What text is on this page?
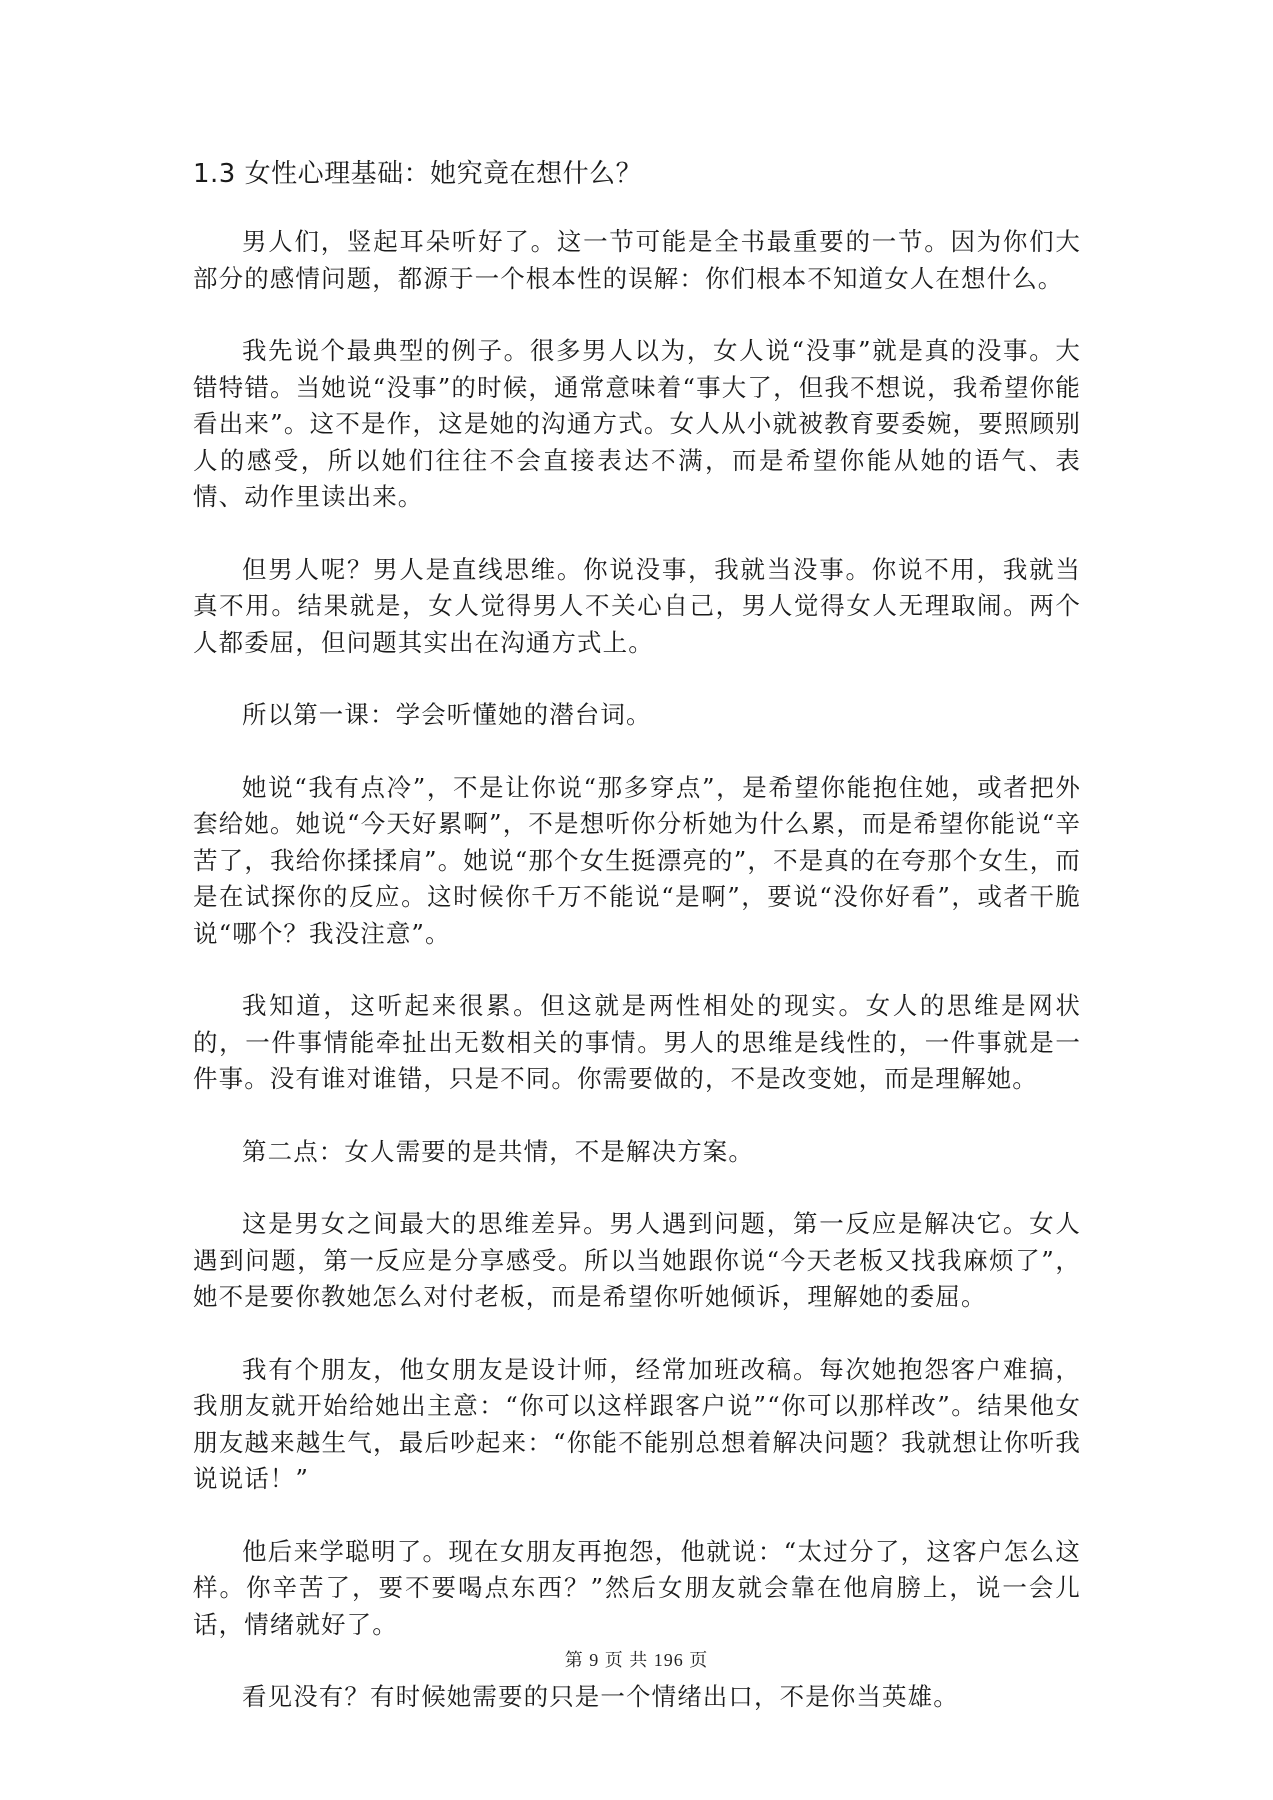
1.3 女性心理基础：她究竟在想什么？

男人们，竖起耳朵听好了。这一节可能是全书最重要的一节。因为你们大部分的感情问题，都源于一个根本性的误解：你们根本不知道女人在想什么。

我先说个最典型的例子。很多男人以为，女人说“没事”就是真的没事。大错特错。当她说“没事”的时候，通常意味着“事大了，但我不想说，我希望你能看出来”。这不是作，这是她的沟通方式。女人从小就被教育要委婉，要照顾别人的感受，所以她们往往不会直接表达不满，而是希望你能从她的语气、表情、动作里读出来。

但男人呢？男人是直线思维。你说没事，我就当没事。你说不用，我就当真不用。结果就是，女人觉得男人不关心自己，男人觉得女人无理取闹。两个人都委屈，但问题其实出在沟通方式上。

所以第一课：学会听懂她的潜台词。

她说“我有点冷”，不是让你说“那多穿点”，是希望你能抱住她，或者把外套给她。她说“今天好累啊”，不是想听你分析她为什么累，而是希望你能说“辛苦了，我给你揉揉肩”。她说“那个女生挺漂亮的”，不是真的在夸那个女生，而是在试探你的反应。这时候你千万不能说“是啊”，要说“没你好看”，或者干脆说“哪个？我没注意”。

我知道，这听起来很累。但这就是两性相处的现实。女人的思维是网状的，一件事情能牵扯出无数相关的事情。男人的思维是线性的，一件事就是一件事。没有谁对谁错，只是不同。你需要做的，不是改变她，而是理解她。

第二点：女人需要的是共情，不是解决方案。

这是男女之间最大的思维差异。男人遇到问题，第一反应是解决它。女人遇到问题，第一反应是分享感受。所以当她跟你说“今天老板又找我麻烦了”，她不是要你教她怎么对付老板，而是希望你听她倾诉，理解她的委屈。

我有个朋友，他女朋友是设计师，经常加班改稿。每次她抱怨客户难搞，我朋友就开始给她出主意：“你可以这样跟客户说”“你可以那样改”。结果他女朋友越来越生气，最后吵起来：“你能不能别总想着解决问题？我就想让你听我说说话！”

他后来学聪明了。现在女朋友再抱怨，他就说：“太过分了，这客户怎么这样。你辛苦了，要不要喝点东西？”然后女朋友就会靠在他肩膀上，说一会儿话，情绪就好了。

看见没有？有时候她需要的只是一个情绪出口，不是你当英雄。

第 9 页 共 196 页
